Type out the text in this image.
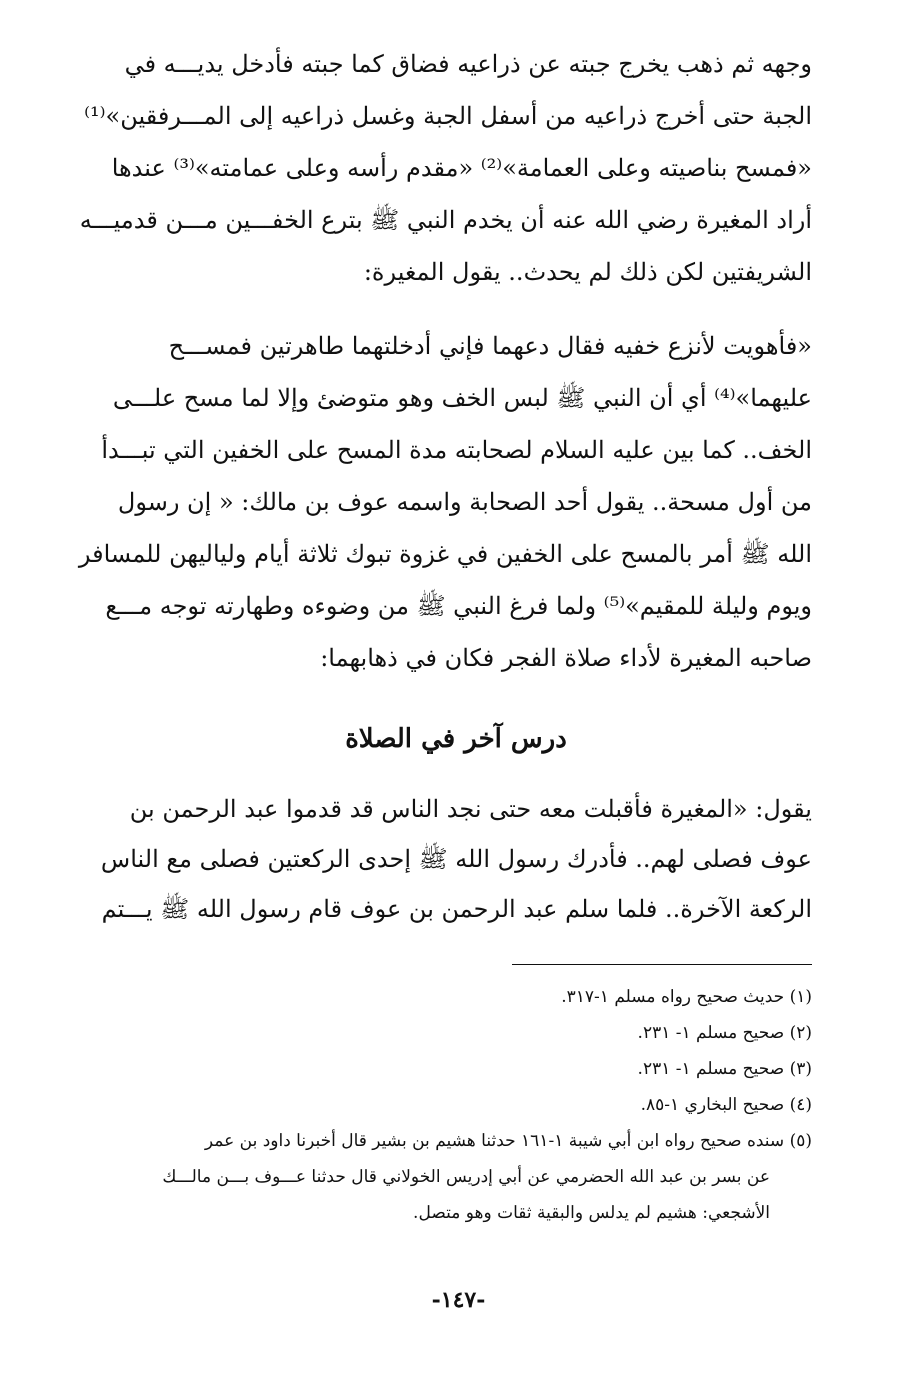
وجهه ثم ذهب يخرج جبته عن ذراعيه فضاق كما جبته فأدخل يديـــه في

الجبة حتى أخرج ذراعيه من أسفل الجبة وغسل ذراعيه إلى المـــرفقين»⁽¹⁾

«فمسح بناصيته وعلى العمامة»⁽²⁾ «مقدم رأسه وعلى عمامته»⁽³⁾ عندها

أراد المغيرة رضي الله عنه أن يخدم النبي ﷺ بترع الخفـــين مـــن قدميـــه

الشريفتين لكن ذلك لم يحدث.. يقول المغيرة:

«فأهويت لأنزع خفيه فقال دعهما فإني أدخلتهما طاهرتين فمســـح

عليهما»⁽⁴⁾ أي أن النبي ﷺ لبس الخف وهو متوضئ وإلا لما مسح علـــى

الخف.. كما بين عليه السلام لصحابته مدة المسح على الخفين التي تبـــدأ

من أول مسحة.. يقول أحد الصحابة واسمه عوف بن مالك: « إن رسول

الله ﷺ أمر بالمسح على الخفين في غزوة تبوك ثلاثة أيام ولياليهن للمسافر

ويوم وليلة للمقيم»⁽⁵⁾ ولما فرغ النبي ﷺ من وضوءه وطهارته توجه مـــع

صاحبه المغيرة لأداء صلاة الفجر فكان في ذهابهما:

درس آخر في الصلاة

يقول: «المغيرة فأقبلت معه حتى نجد الناس قد قدموا عبد الرحمن بن

عوف فصلى لهم.. فأدرك رسول الله ﷺ إحدى الركعتين فصلى مع الناس

الركعة الآخرة.. فلما سلم عبد الرحمن بن عوف قام رسول الله ﷺ يـــتم

(١) حديث صحيح رواه مسلم ١-٣١٧.

(٢) صحيح مسلم ١- ٢٣١.

(٣) صحيح مسلم ١- ٢٣١.

(٤) صحيح البخاري ١-٨٥.

(٥) سنده صحيح رواه ابن أبي شيبة ١-١٦١ حدثنا هشيم بن بشير قال أخبرنا داود بن عمر

عن بسر بن عبد الله الحضرمي عن أبي إدريس الخولاني قال حدثنا عـــوف بـــن مالـــك

الأشجعي: هشيم لم يدلس والبقية ثقات وهو متصل.

-١٤٧-
